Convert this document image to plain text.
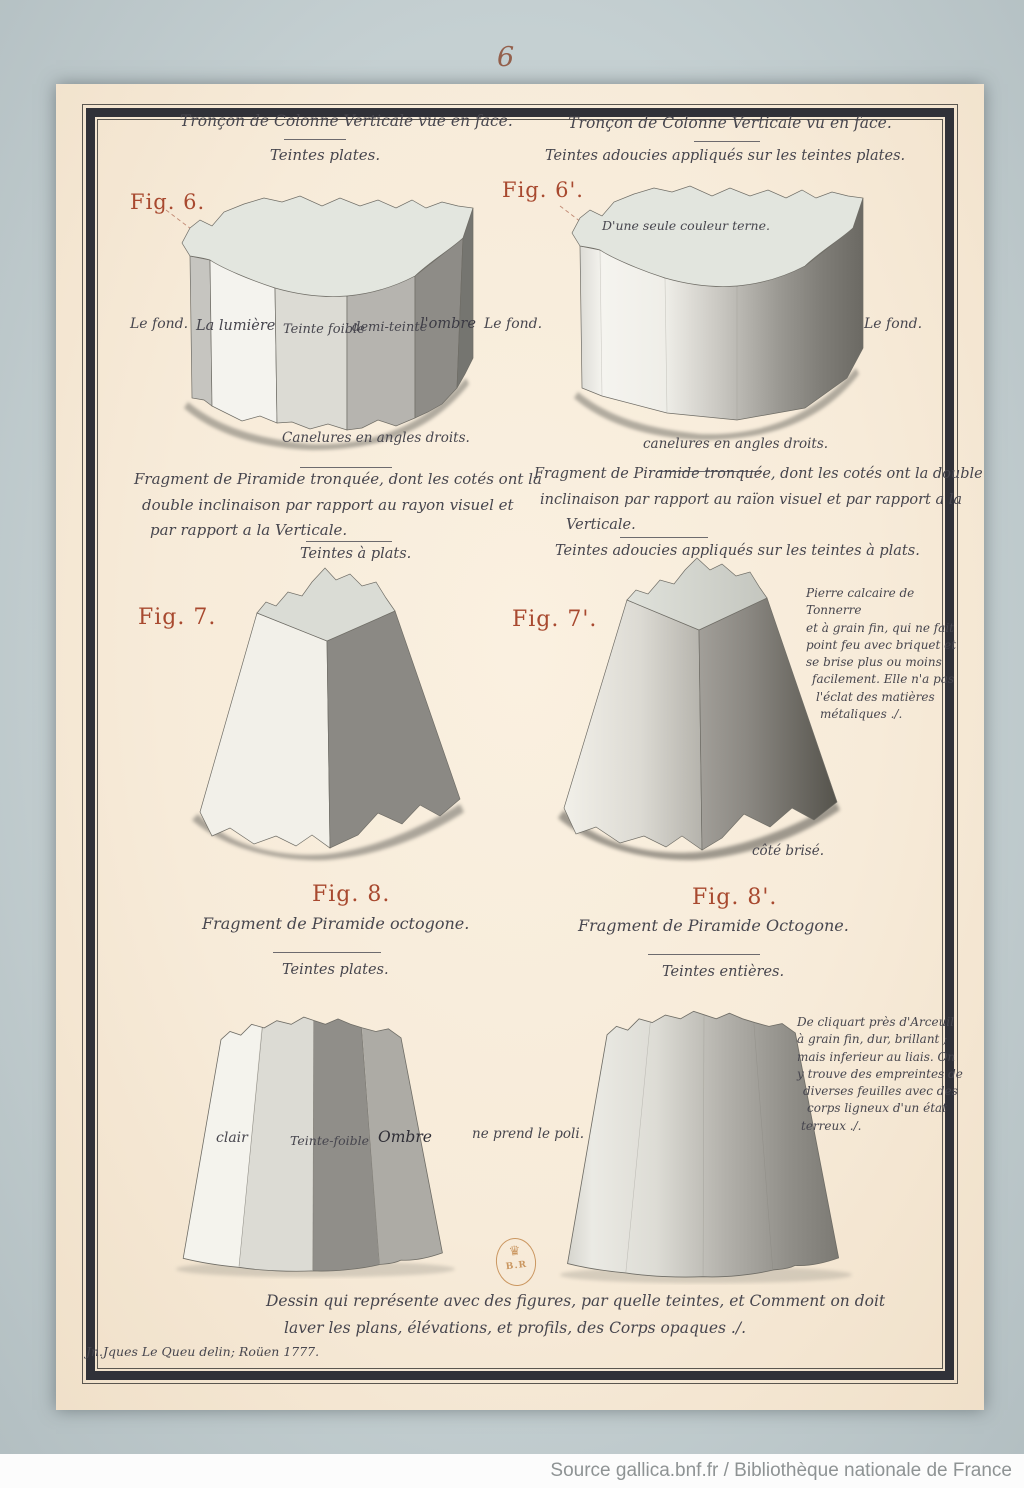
6
Tronçon de Colonne Verticale vue en face.
Teintes plates.
Tronçon de Colonne Verticale vu en face.
Teintes adoucies appliqués sur les teintes plates.
Fig. 6.	Fig. 6'.
D'une seule couleur terne.
Le fond. La lumière Teinte foible
demi-teinte
l'ombre Le fond.	Le fond.
Canelures en angles droits.	canelures en angles droits.
Fragment de Piramide tronquée, dont les cotés ont la
double inclinaison par rapport au rayon visuel et
par rapport a la Verticale.
Teintes à plats.
Fragment de Piramide tronquée, dont les cotés ont la double
inclinaison par rapport au raïon visuel et par rapport a la
Verticale.
Teintes adoucies appliqués sur les teintes à plats.
Fig. 7.	Fig. 7'.
Pierre calcaire de Tonnerre
et à grain fin, qui ne fait
point feu avec briquet et
se brise plus ou moins
facilement. Elle n'a pas
l'éclat des matières
métaliques ./.
côté brisé.
Fig. 8.
Fragment de Piramide octogone.
Teintes plates.
Fig. 8'.
Fragment de Piramide Octogone.
Teintes entières.
clair	Teinte-foible Ombre	ne prend le poli.
De cliquart près d'Arceuil
à grain fin, dur, brillant ;
mais inferieur au liais. On
y trouve des empreintes de
diverses feuilles avec des
corps ligneux d'un état
terreux ./.
♛
B.R
Dessin qui représente avec des figures, par quelle teintes, et Comment on doit
laver les plans, élévations, et profils, des Corps opaques ./.
Jn.Jques Le Queu delin; Roüen 1777.
Source gallica.bnf.fr / Bibliothèque nationale de France
